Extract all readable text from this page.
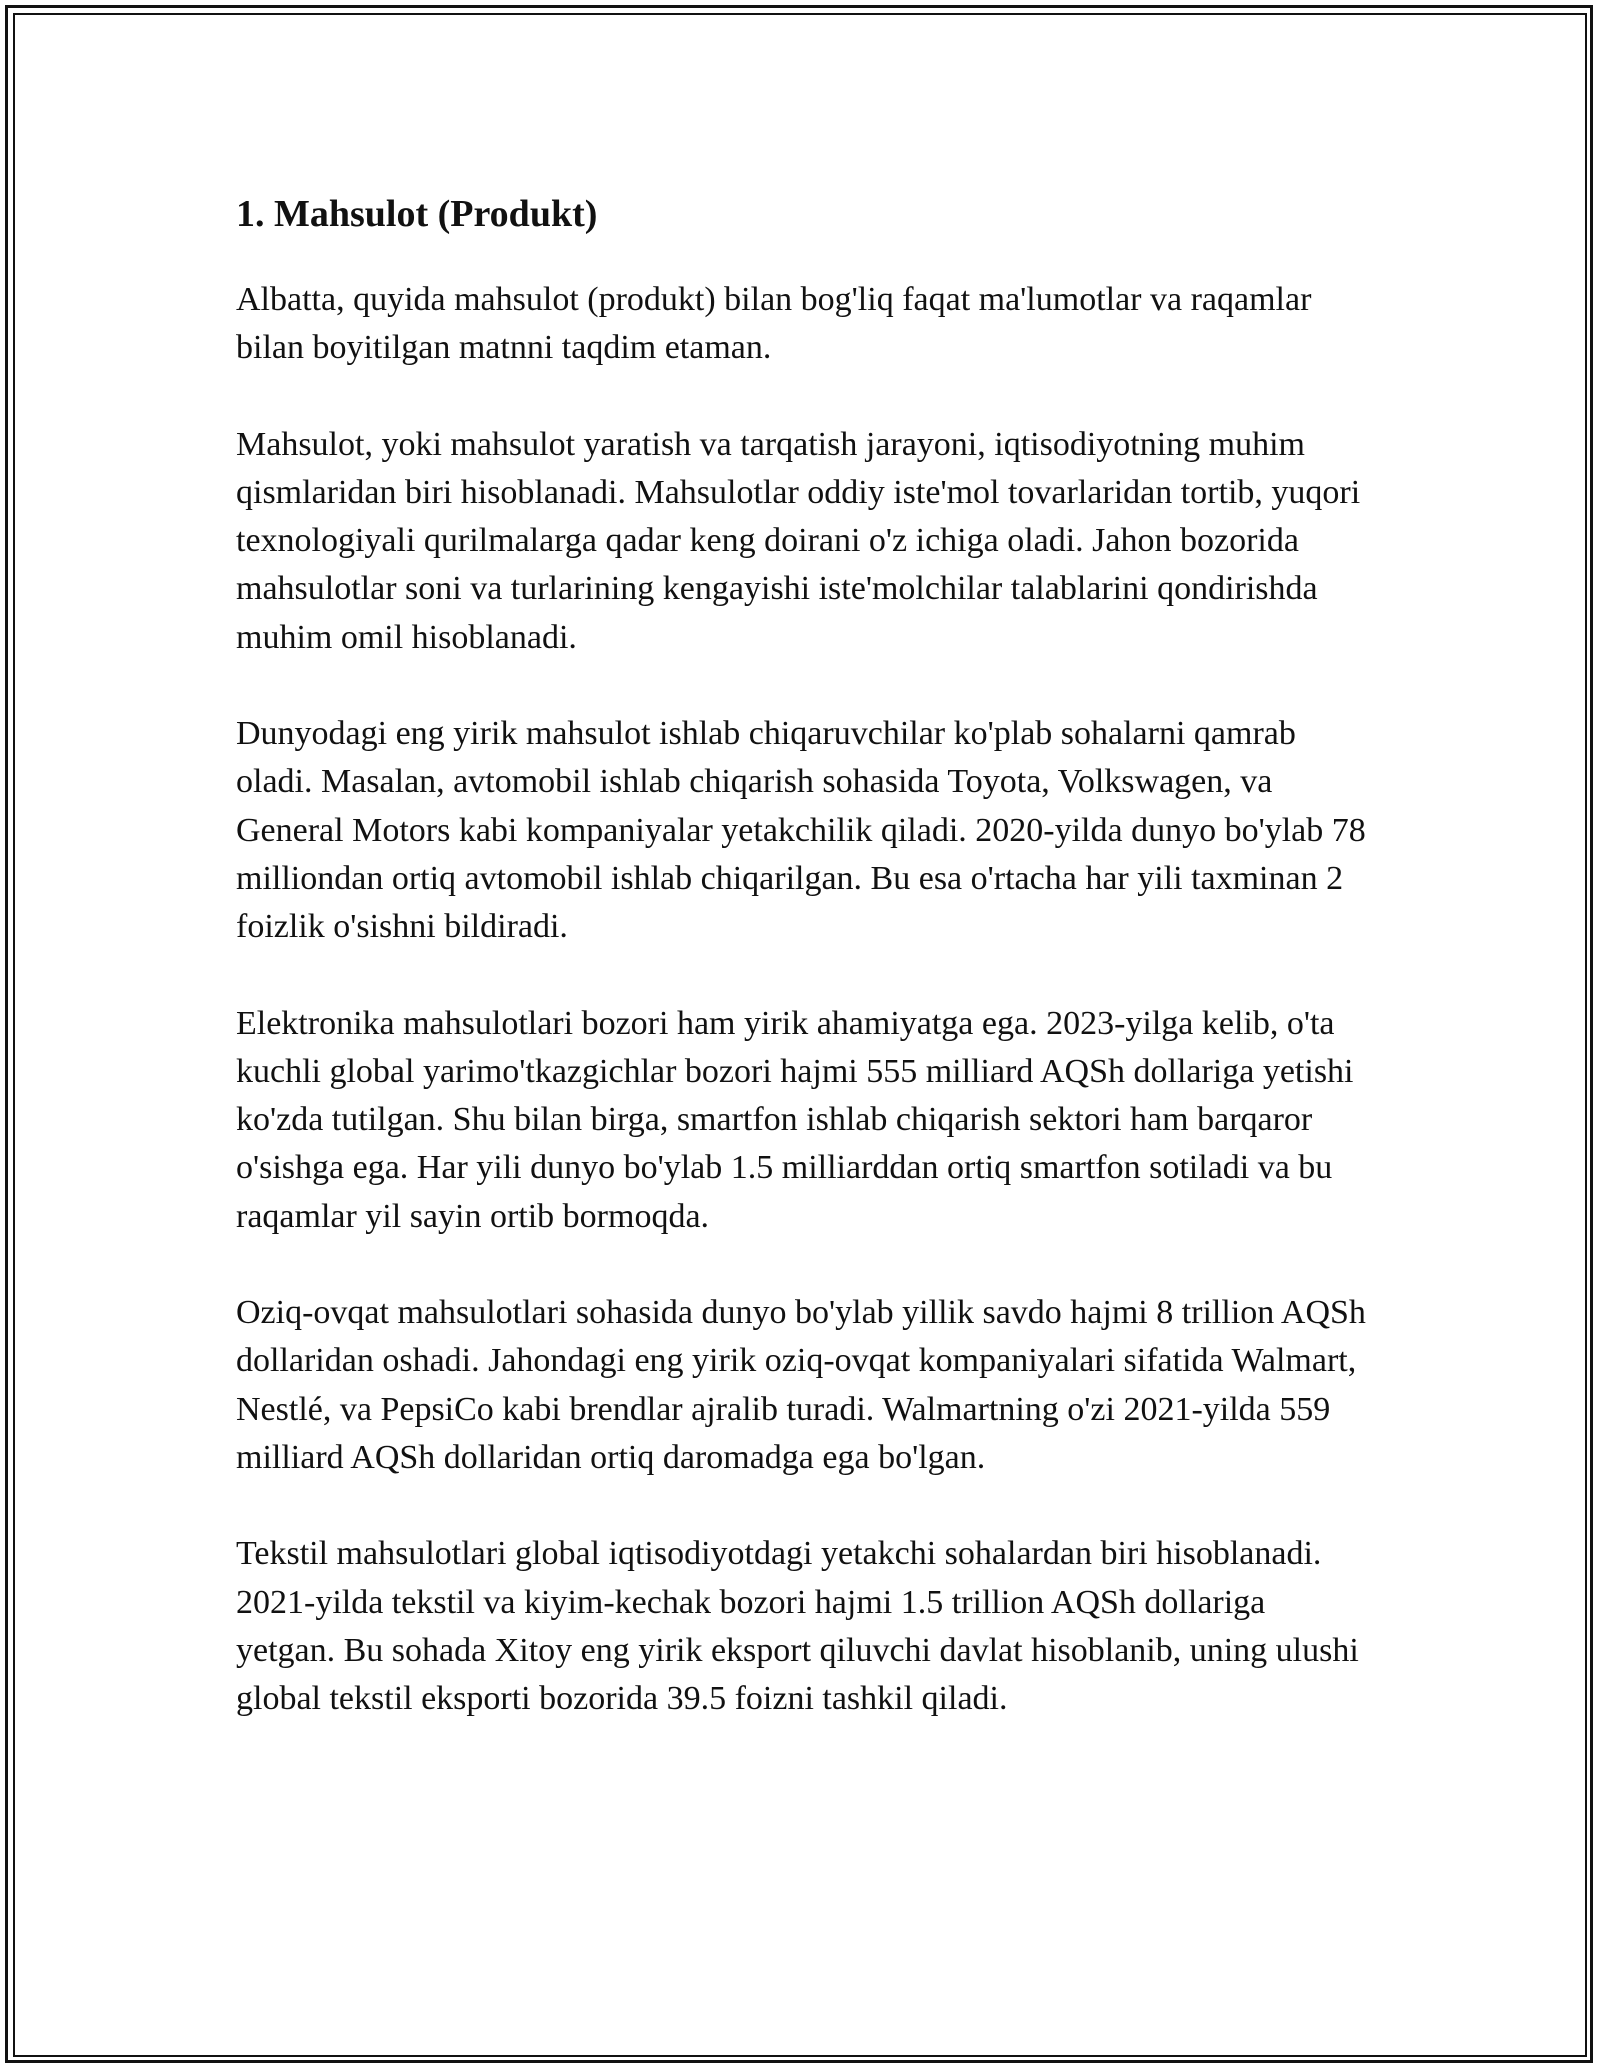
1. Mahsulot (Produkt)

Albatta, quyida mahsulot (produkt) bilan bog'liq faqat ma'lumotlar va raqamlar bilan boyitilgan matnni taqdim etaman.

Mahsulot, yoki mahsulot yaratish va tarqatish jarayoni, iqtisodiyotning muhim qismlaridan biri hisoblanadi. Mahsulotlar oddiy iste'mol tovarlaridan tortib, yuqori texnologiyali qurilmalarga qadar keng doirani o'z ichiga oladi. Jahon bozorida mahsulotlar soni va turlarining kengayishi iste'molchilar talablarini qondirishda muhim omil hisoblanadi.

Dunyodagi eng yirik mahsulot ishlab chiqaruvchilar ko'plab sohalarni qamrab oladi. Masalan, avtomobil ishlab chiqarish sohasida Toyota, Volkswagen, va General Motors kabi kompaniyalar yetakchilik qiladi. 2020-yilda dunyo bo'ylab 78 milliondan ortiq avtomobil ishlab chiqarilgan. Bu esa o'rtacha har yili taxminan 2 foizlik o'sishni bildiradi.

Elektronika mahsulotlari bozori ham yirik ahamiyatga ega. 2023-yilga kelib, o'ta kuchli global yarimo'tkazgichlar bozori hajmi 555 milliard AQSh dollariga yetishi ko'zda tutilgan. Shu bilan birga, smartfon ishlab chiqarish sektori ham barqaror o'sishga ega. Har yili dunyo bo'ylab 1.5 milliarddan ortiq smartfon sotiladi va bu raqamlar yil sayin ortib bormoqda.

Oziq-ovqat mahsulotlari sohasida dunyo bo'ylab yillik savdo hajmi 8 trillion AQSh dollaridan oshadi. Jahondagi eng yirik oziq-ovqat kompaniyalari sifatida Walmart, Nestlé, va PepsiCo kabi brendlar ajralib turadi. Walmartning o'zi 2021-yilda 559 milliard AQSh dollaridan ortiq daromadga ega bo'lgan.

Tekstil mahsulotlari global iqtisodiyotdagi yetakchi sohalardan biri hisoblanadi. 2021-yilda tekstil va kiyim-kechak bozori hajmi 1.5 trillion AQSh dollariga yetgan. Bu sohada Xitoy eng yirik eksport qiluvchi davlat hisoblanib, uning ulushi global tekstil eksporti bozorida 39.5 foizni tashkil qiladi.
